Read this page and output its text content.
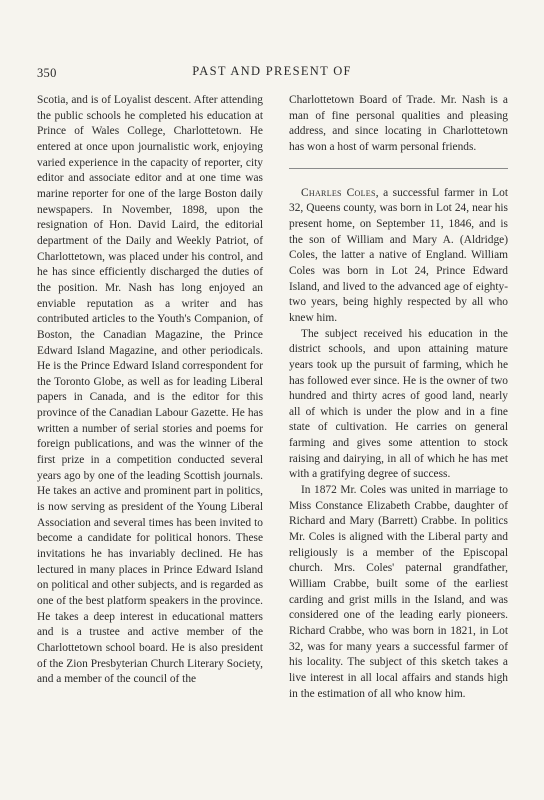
350	PAST AND PRESENT OF

Scotia, and is of Loyalist descent. After attending the public schools he completed his education at Prince of Wales College, Charlottetown. He entered at once upon journalistic work, enjoying varied experience in the capacity of reporter, city editor and associate editor and at one time was marine reporter for one of the large Boston daily newspapers. In November, 1898, upon the resignation of Hon. David Laird, the editorial department of the Daily and Weekly Patriot, of Charlottetown, was placed under his control, and he has since efficiently discharged the duties of the position. Mr. Nash has long enjoyed an enviable reputation as a writer and has contributed articles to the Youth's Companion, of Boston, the Canadian Magazine, the Prince Edward Island Magazine, and other periodicals. He is the Prince Edward Island correspondent for the Toronto Globe, as well as for leading Liberal papers in Canada, and is the editor for this province of the Canadian Labour Gazette. He has written a number of serial stories and poems for foreign publications, and was the winner of the first prize in a competition conducted several years ago by one of the leading Scottish journals. He takes an active and prominent part in politics, is now serving as president of the Young Liberal Association and several times has been invited to become a candidate for political honors. These invitations he has invariably declined. He has lectured in many places in Prince Edward Island on political and other subjects, and is regarded as one of the best platform speakers in the province. He takes a deep interest in educational matters and is a trustee and active member of the Charlottetown school board. He is also president of the Zion Presbyterian Church Literary Society, and a member of the council of the

Charlottetown Board of Trade. Mr. Nash is a man of fine personal qualities and pleasing address, and since locating in Charlottetown has won a host of warm personal friends.

Charles Coles, a successful farmer in Lot 32, Queens county, was born in Lot 24, near his present home, on September 11, 1846, and is the son of William and Mary A. (Aldridge) Coles, the latter a native of England. William Coles was born in Lot 24, Prince Edward Island, and lived to the advanced age of eighty-two years, being highly respected by all who knew him.

The subject received his education in the district schools, and upon attaining mature years took up the pursuit of farming, which he has followed ever since. He is the owner of two hundred and thirty acres of good land, nearly all of which is under the plow and in a fine state of cultivation. He carries on general farming and gives some attention to stock raising and dairying, in all of which he has met with a gratifying degree of success.

In 1872 Mr. Coles was united in marriage to Miss Constance Elizabeth Crabbe, daughter of Richard and Mary (Barrett) Crabbe. In politics Mr. Coles is aligned with the Liberal party and religiously is a member of the Episcopal church. Mrs. Coles' paternal grandfather, William Crabbe, built some of the earliest carding and grist mills in the Island, and was considered one of the leading early pioneers. Richard Crabbe, who was born in 1821, in Lot 32, was for many years a successful farmer of his locality. The subject of this sketch takes a live interest in all local affairs and stands high in the estimation of all who know him.
